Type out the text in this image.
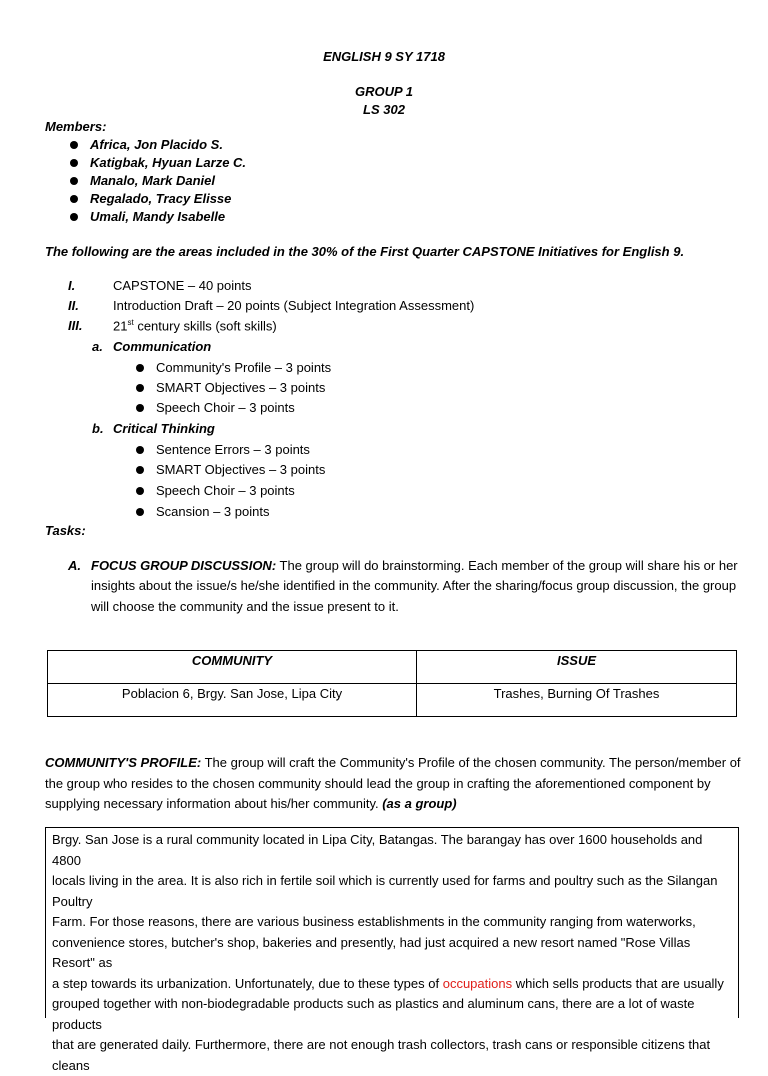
ENGLISH 9 SY 1718
GROUP 1
LS 302
Members:
Africa, Jon Placido S.
Katigbak, Hyuan Larze C.
Manalo, Mark Daniel
Regalado, Tracy Elisse
Umali, Mandy Isabelle
The following are the areas included in the 30% of the First Quarter CAPSTONE Initiatives for English 9.
I.	CAPSTONE – 40 points
II.	Introduction Draft – 20 points (Subject Integration Assessment)
III. 21st century skills (soft skills)
a. Communication
Community's Profile – 3 points
SMART Objectives – 3 points
Speech Choir – 3 points
b. Critical Thinking
Sentence Errors – 3 points
SMART Objectives – 3 points
Speech Choir – 3 points
Scansion – 3 points
Tasks:
A. FOCUS GROUP DISCUSSION: The group will do brainstorming. Each member of the group will share his or her
insights about the issue/s he/she identified in the community. After the sharing/focus group discussion, the group
will choose the community and the issue present to it.
COMMUNITY	ISSUE
Poblacion 6, Brgy. San Jose, Lipa City	Trashes, Burning Of Trashes
COMMUNITY'S PROFILE: The group will craft the Community's Profile of the chosen community. The person/member of
the group who resides to the chosen community should lead the group in crafting the aforementioned component by
supplying necessary information about his/her community. (as a group)

Brgy. San Jose is a rural community located in Lipa City, Batangas. The barangay has over 1600 households and 4800

locals living in the area. It is also rich in fertile soil which is currently used for farms and poultry such as the Silangan Poultry

Farm. For those reasons, there are various business establishments in the community ranging from waterworks,

convenience stores, butcher's shop, bakeries and presently, had just acquired a new resort named "Rose Villas Resort" as

a step towards its urbanization. Unfortunately, due to these types of occupations which sells products that are usually

grouped together with non-biodegradable products such as plastics and aluminum cans, there are a lot of waste products

that are generated daily. Furthermore, there are not enough trash collectors, trash cans or responsible citizens that cleans
